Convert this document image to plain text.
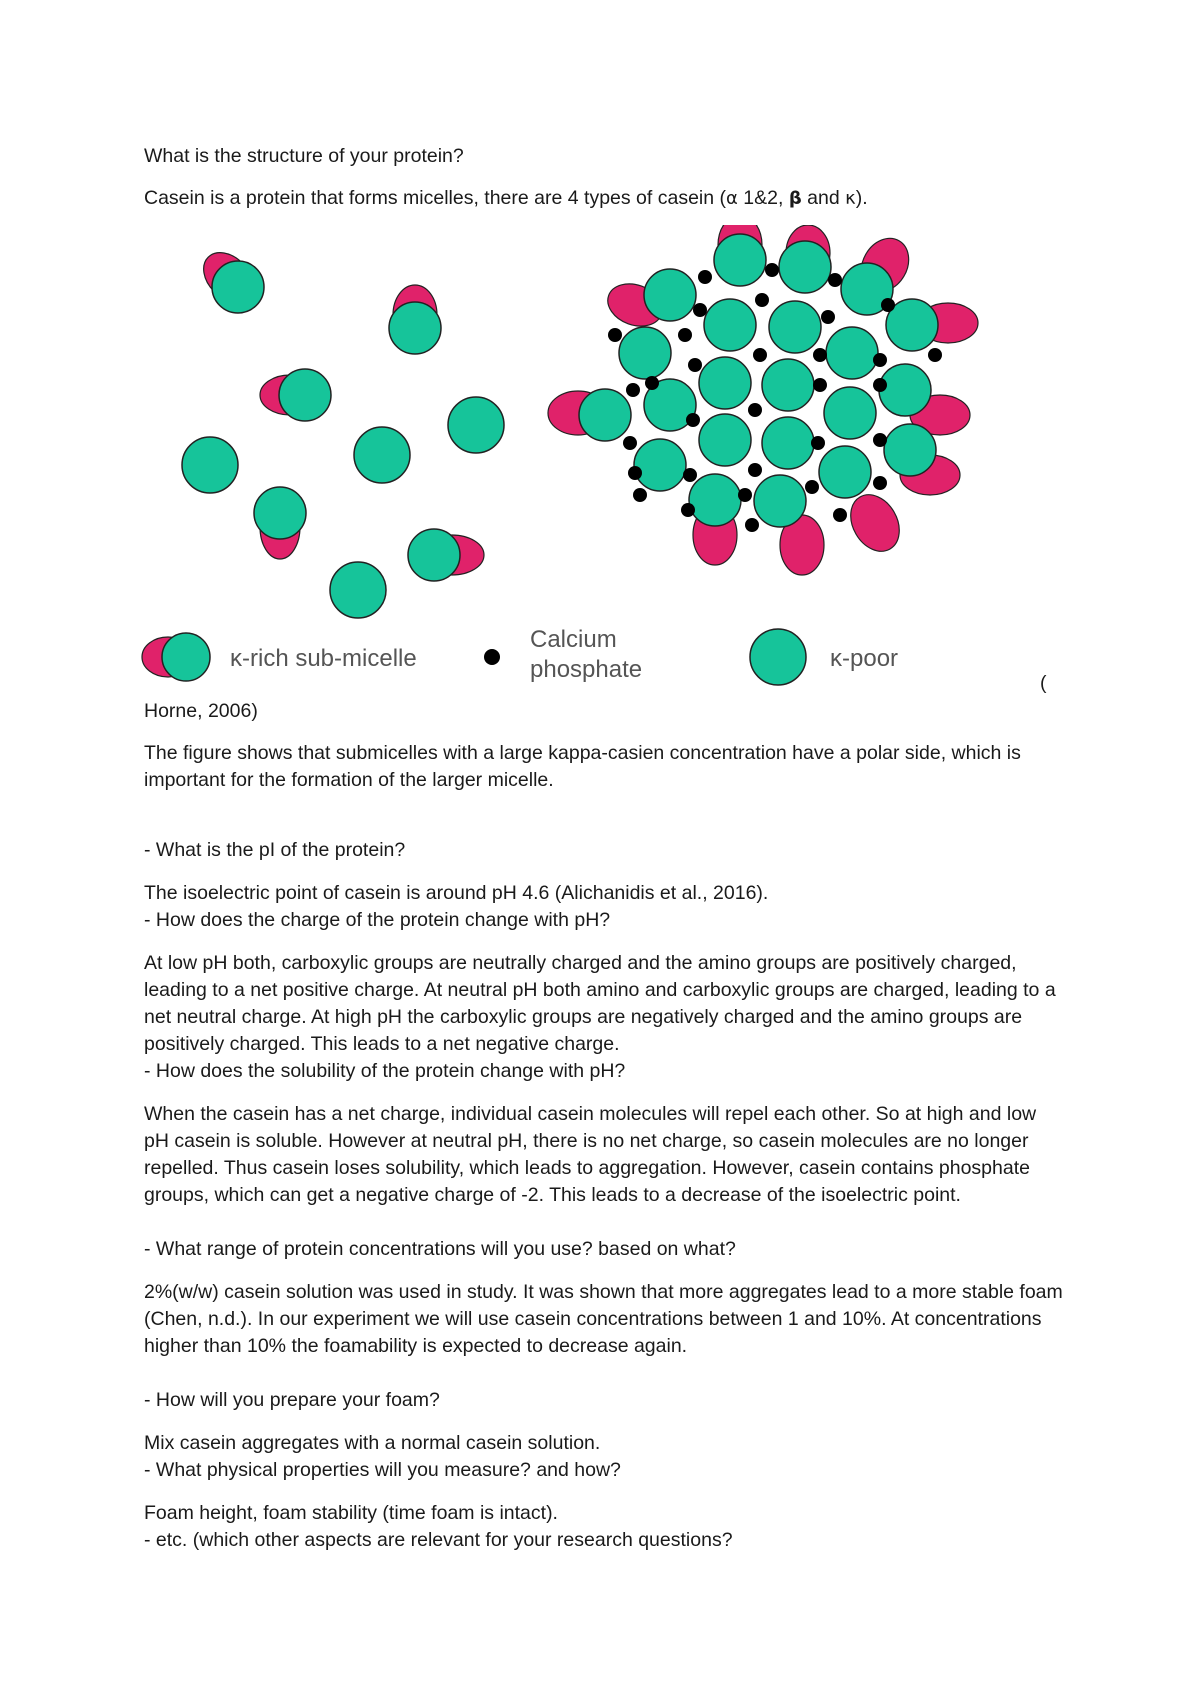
What is the structure of your protein?

Casein is a protein that forms micelles, there are 4 types of casein (α 1&2, β and κ).

κ-rich sub-micelle
Calcium
phosphate	κ-poor
(

Horne, 2006)

The figure shows that submicelles with a large kappa-casien concentration have a polar side, which is important for the formation of the larger micelle.

- What is the pI of the protein?

The isoelectric point of casein is around pH 4.6 (Alichanidis et al., 2016).

- How does the charge of the protein change with pH?

At low pH both, carboxylic groups are neutrally charged and the amino groups are positively charged, leading to a net positive charge. At neutral pH both amino and carboxylic groups are charged, leading to a net neutral charge. At high pH the carboxylic groups are negatively charged and the amino groups are positively charged. This leads to a net negative charge.

- How does the solubility of the protein change with pH?

When the casein has a net charge, individual casein molecules will repel each other. So at high and low pH casein is soluble. However at neutral pH, there is no net charge, so casein molecules are no longer repelled. Thus casein loses solubility, which leads to aggregation. However, casein contains phosphate groups, which can get a negative charge of -2. This leads to a decrease of the isoelectric point.

- What range of protein concentrations will you use? based on what?

2%(w/w) casein solution was used in study. It was shown that more aggregates lead to a more stable foam (Chen, n.d.). In our experiment we will use casein concentrations between 1 and 10%. At concentrations higher than 10% the foamability is expected to decrease again.

- How will you prepare your foam?

Mix casein aggregates with a normal casein solution.

- What physical properties will you measure? and how?

Foam height, foam stability (time foam is intact).

- etc. (which other aspects are relevant for your research questions?
